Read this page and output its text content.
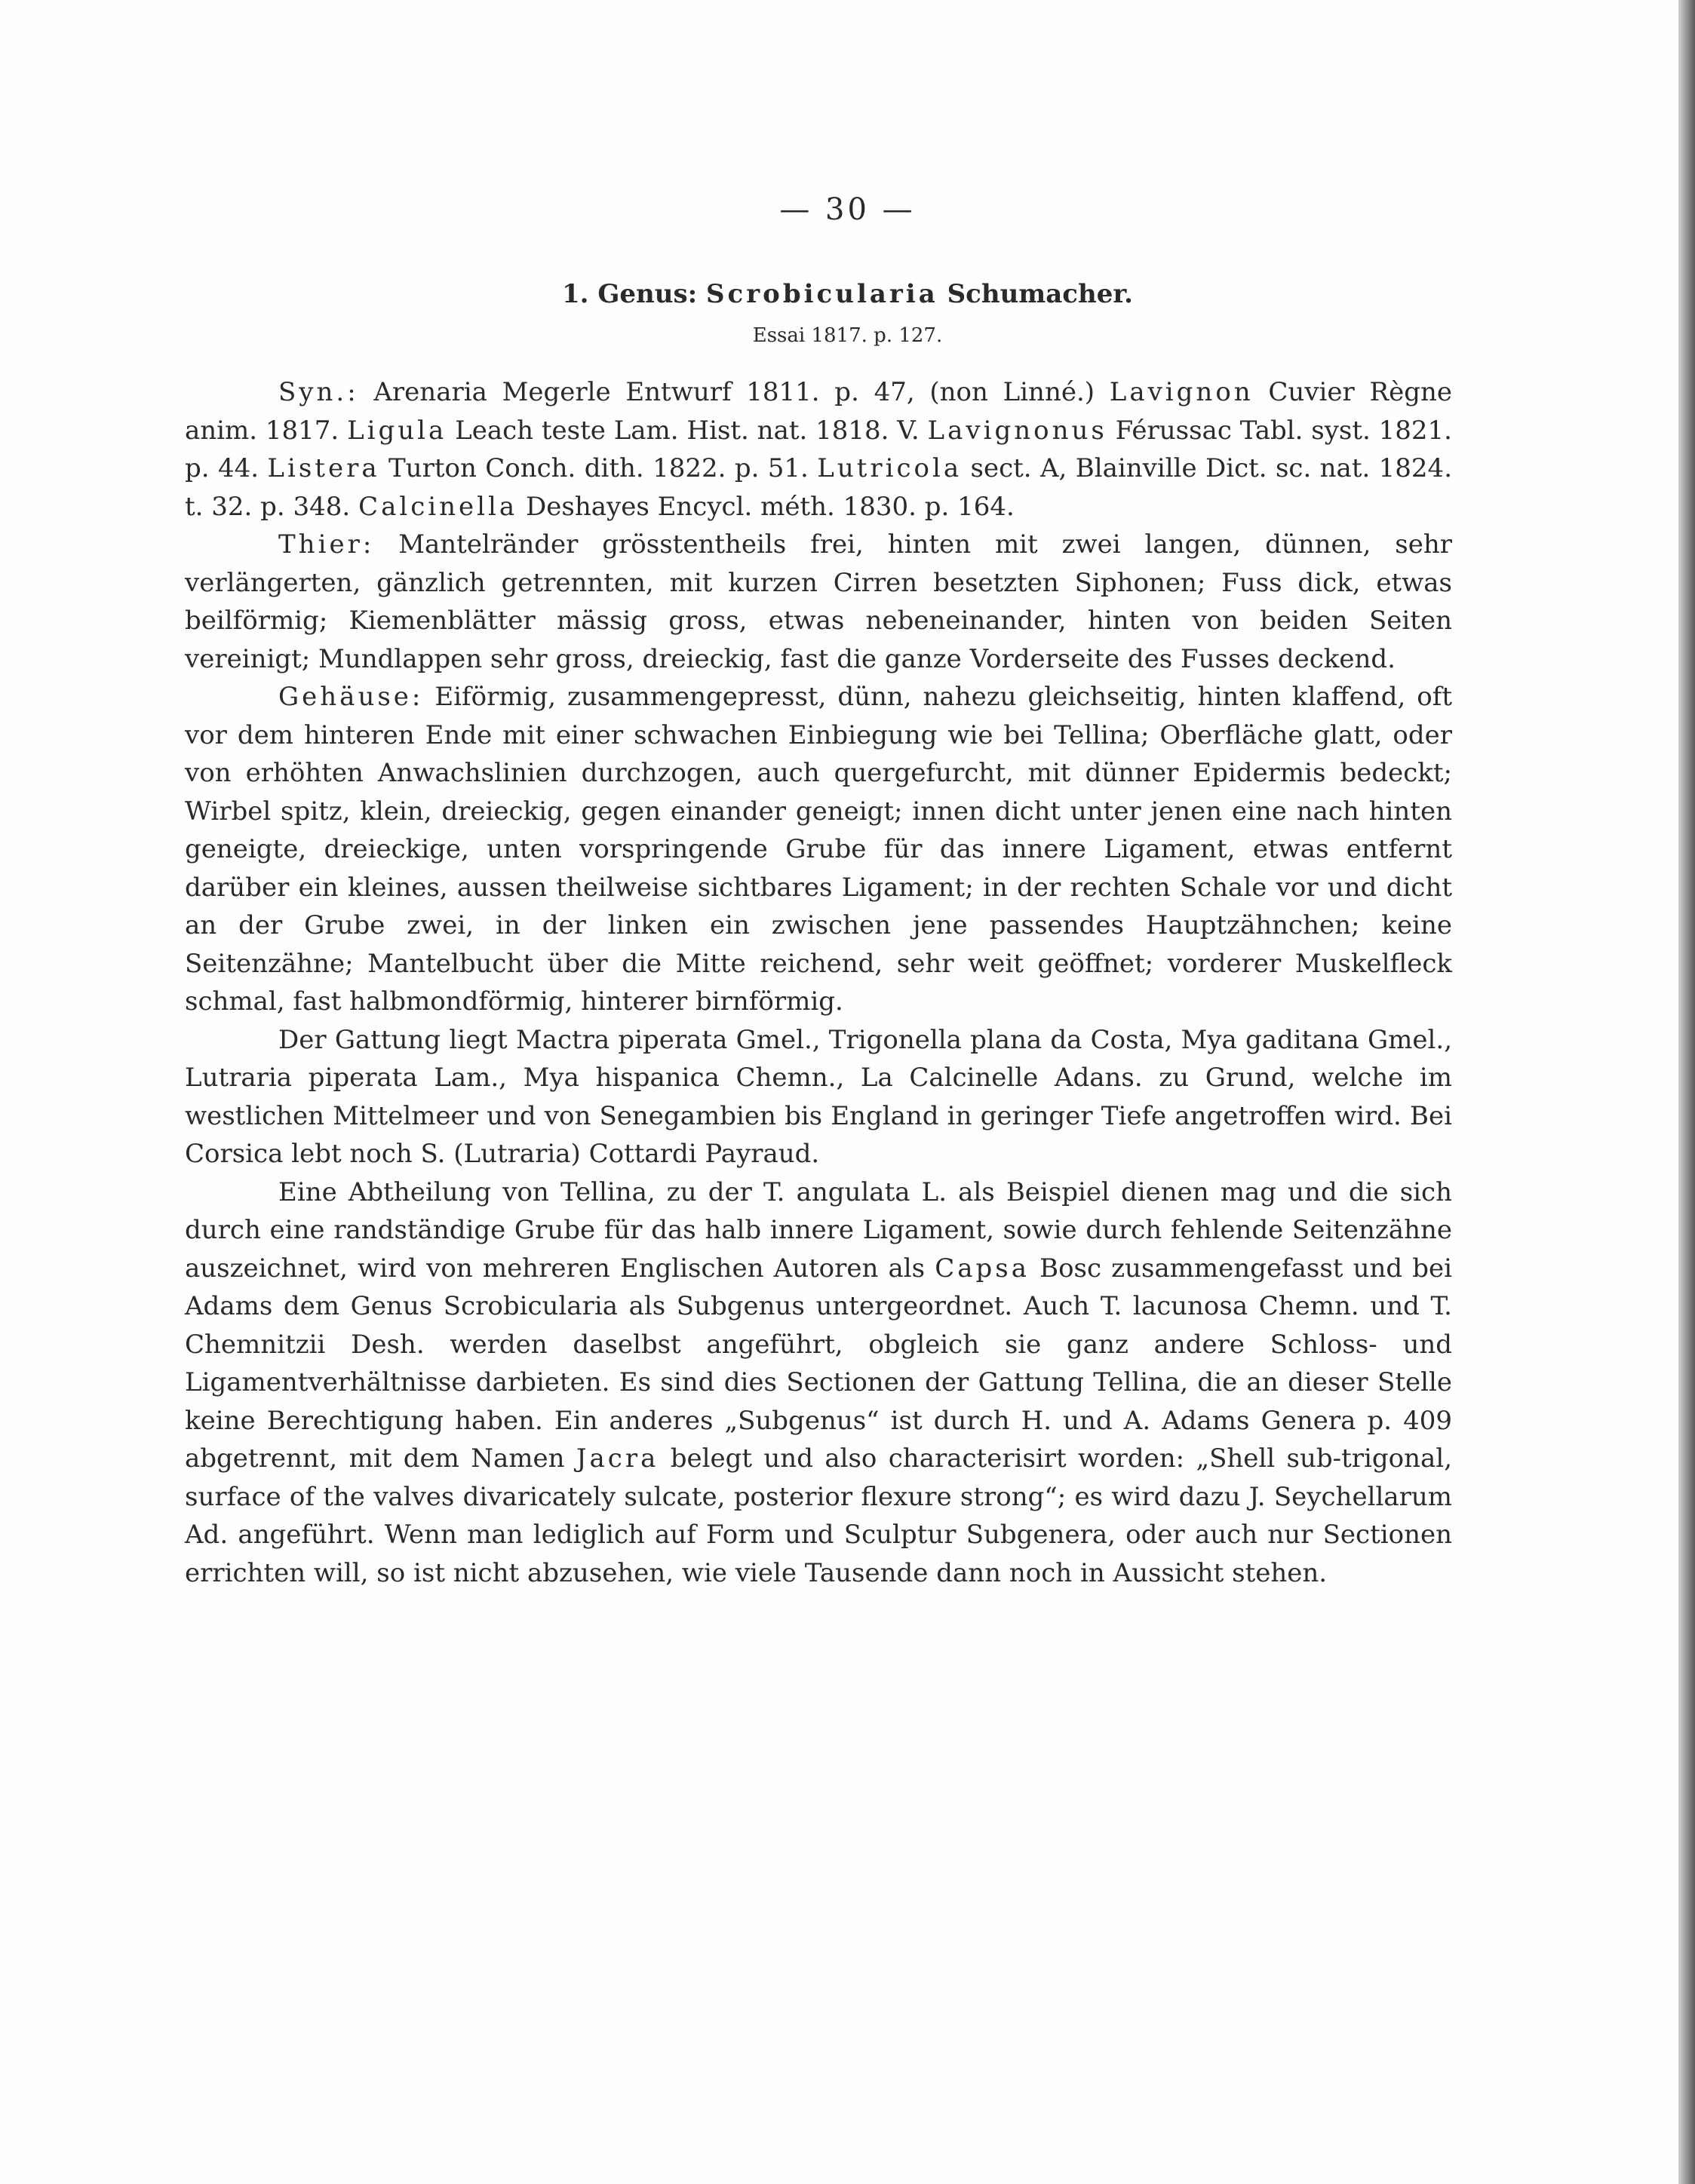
— 30 —
1. Genus: Scrobicularia Schumacher.
Essai 1817. p. 127.

Syn.: Arenaria Megerle Entwurf 1811. p. 47, (non Linné.) Lavignon Cuvier Règne anim. 1817. Ligula Leach teste Lam. Hist. nat. 1818. V. Lavignonus Férussac Tabl. syst. 1821. p. 44. Listera Turton Conch. dith. 1822. p. 51. Lutricola sect. A, Blainville Dict. sc. nat. 1824. t. 32. p. 348. Calcinella Deshayes Encycl. méth. 1830. p. 164.

Thier: Mantelränder grösstentheils frei, hinten mit zwei langen, dünnen, sehr verlängerten, gänzlich getrennten, mit kurzen Cirren besetzten Siphonen; Fuss dick, etwas beilförmig; Kiemenblätter mässig gross, etwas nebeneinander, hinten von beiden Seiten vereinigt; Mundlappen sehr gross, dreieckig, fast die ganze Vorderseite des Fusses deckend.

Gehäuse: Eiförmig, zusammengepresst, dünn, nahezu gleichseitig, hinten klaffend, oft vor dem hinteren Ende mit einer schwachen Einbiegung wie bei Tellina; Oberfläche glatt, oder von erhöhten Anwachslinien durchzogen, auch quergefurcht, mit dünner Epidermis bedeckt; Wirbel spitz, klein, dreieckig, gegen einander geneigt; innen dicht unter jenen eine nach hinten geneigte, dreieckige, unten vorspringende Grube für das innere Ligament, etwas entfernt darüber ein kleines, aussen theilweise sichtbares Ligament; in der rechten Schale vor und dicht an der Grube zwei, in der linken ein zwischen jene passendes Hauptzähnchen; keine Seitenzähne; Mantelbucht über die Mitte reichend, sehr weit geöffnet; vorderer Muskelfleck schmal, fast halbmondförmig, hinterer birnförmig.

Der Gattung liegt Mactra piperata Gmel., Trigonella plana da Costa, Mya gaditana Gmel., Lutraria piperata Lam., Mya hispanica Chemn., La Calcinelle Adans. zu Grund, welche im westlichen Mittelmeer und von Senegambien bis England in geringer Tiefe angetroffen wird. Bei Corsica lebt noch S. (Lutraria) Cottardi Payraud.

Eine Abtheilung von Tellina, zu der T. angulata L. als Beispiel dienen mag und die sich durch eine randständige Grube für das halb innere Ligament, sowie durch fehlende Seitenzähne auszeichnet, wird von mehreren Englischen Autoren als Capsa Bosc zusammengefasst und bei Adams dem Genus Scrobicularia als Subgenus untergeordnet. Auch T. lacunosa Chemn. und T. Chemnitzii Desh. werden daselbst angeführt, obgleich sie ganz andere Schloss- und Ligamentverhältnisse darbieten. Es sind dies Sectionen der Gattung Tellina, die an dieser Stelle keine Berechtigung haben. Ein anderes „Subgenus“ ist durch H. und A. Adams Genera p. 409 abgetrennt, mit dem Namen Jacra belegt und also characterisirt worden: „Shell sub-trigonal, surface of the valves divaricately sulcate, posterior flexure strong“; es wird dazu J. Seychellarum Ad. angeführt. Wenn man lediglich auf Form und Sculptur Subgenera, oder auch nur Sectionen errichten will, so ist nicht abzusehen, wie viele Tausende dann noch in Aussicht stehen.
